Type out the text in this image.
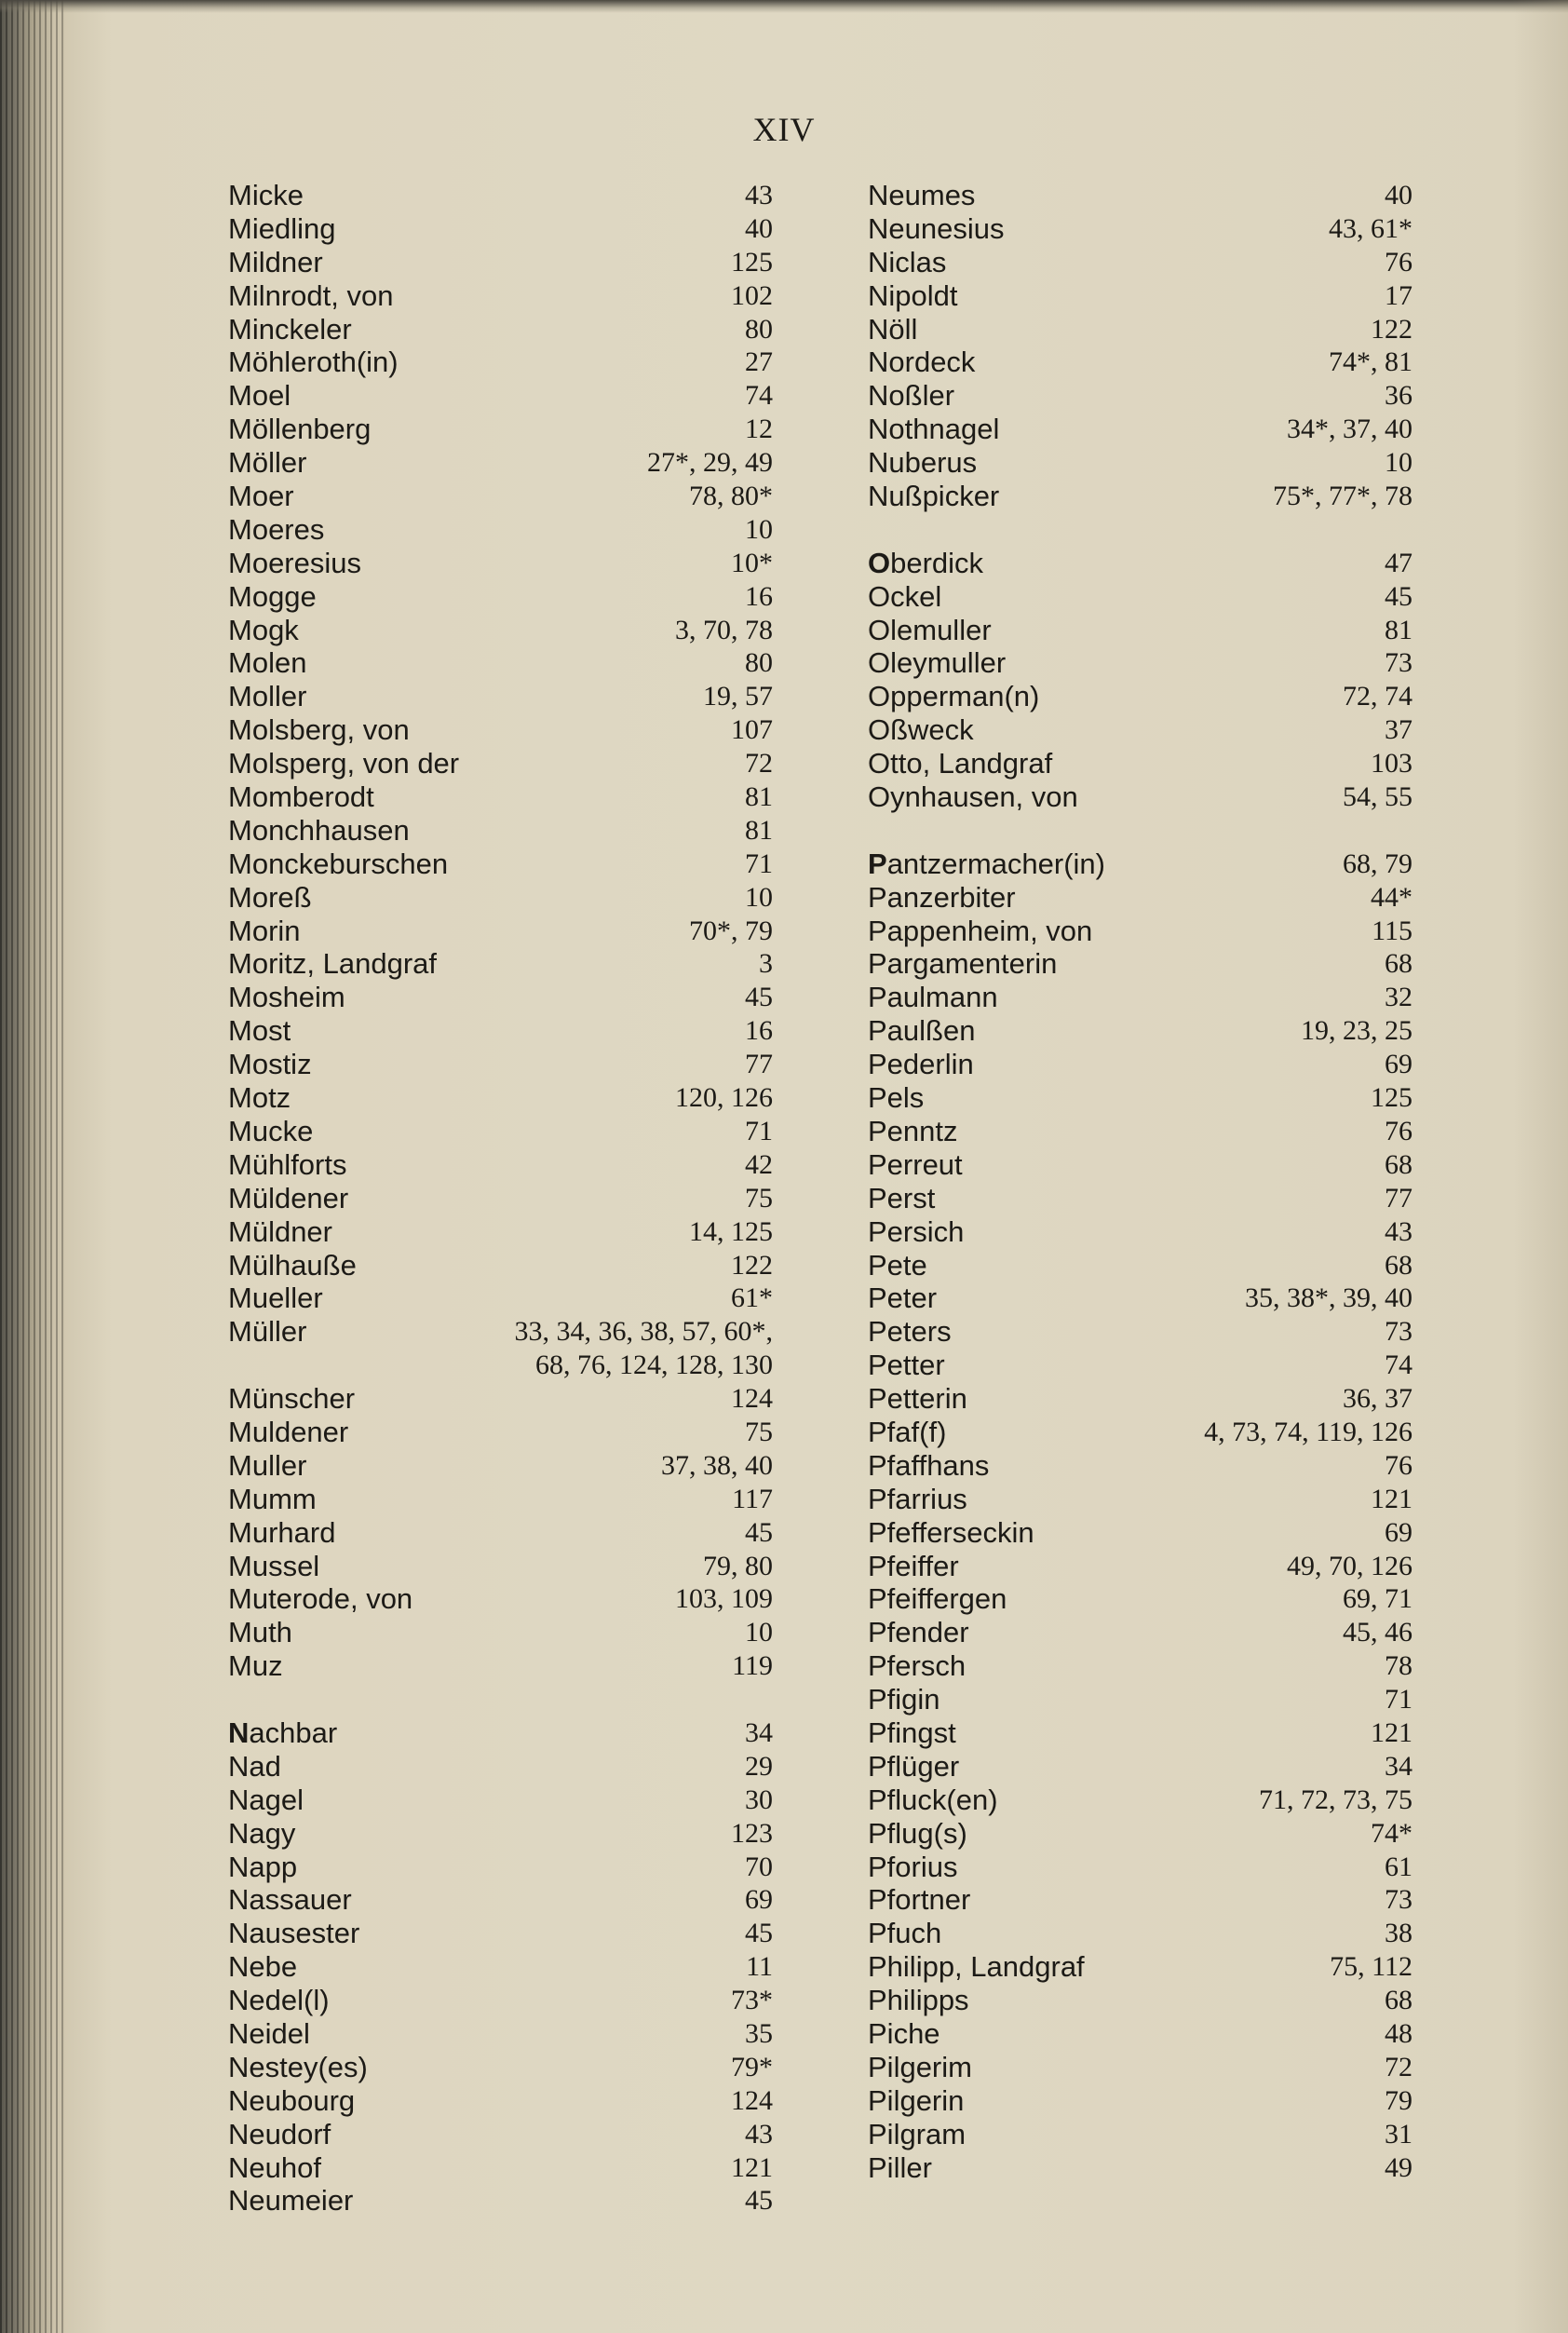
XIV
Micke	43
Miedling	40
Mildner	125
Milnrodt, von	102
Minckeler	80
Möhleroth(in)	27
Moel	74
Möllenberg	12
Möller	27*, 29, 49
Moer	78, 80*
Moeres	10
Moeresius	10*
Mogge	16
Mogk	3, 70, 78
Molen	80
Moller	19, 57
Molsberg, von	107
Molsperg, von der	72
Momberodt	81
Monchhausen	81
Monckeburschen	71
Moreß	10
Morin	70*, 79
Moritz, Landgraf	3
Mosheim	45
Most	16
Mostiz	77
Motz	120, 126
Mucke	71
Mühlforts	42
Müldener	75
Müldner	14, 125
Mülhauße	122
Mueller	61*
Müller	33, 34, 36, 38, 57, 60*,
68, 76, 124, 128, 130
Münscher	124
Muldener	75
Muller	37, 38, 40
Mumm	117
Murhard	45
Mussel	79, 80
Muterode, von	103, 109
Muth	10
Muz	119
Nachbar	34
Nad	29
Nagel	30
Nagy	123
Napp	70
Nassauer	69
Nausester	45
Nebe	11
Nedel(l)	73*
Neidel	35
Nestey(es)	79*
Neubourg	124
Neudorf	43
Neuhof	121
Neumeier	45
Neumes	40
Neunesius	43, 61*
Niclas	76
Nipoldt	17
Nöll	122
Nordeck	74*, 81
Noßler	36
Nothnagel	34*, 37, 40
Nuberus	10
Nußpicker	75*, 77*, 78
Oberdick	47
Ockel	45
Olemuller	81
Oleymuller	73
Opperman(n)	72, 74
Oßweck	37
Otto, Landgraf	103
Oynhausen, von	54, 55
Pantzermacher(in)	68, 79
Panzerbiter	44*
Pappenheim, von	115
Pargamenterin	68
Paulmann	32
Paulßen	19, 23, 25
Pederlin	69
Pels	125
Penntz	76
Perreut	68
Perst	77
Persich	43
Pete	68
Peter	35, 38*, 39, 40
Peters	73
Petter	74
Petterin	36, 37
Pfaf(f)	4, 73, 74, 119, 126
Pfaffhans	76
Pfarrius	121
Pfefferseckin	69
Pfeiffer	49, 70, 126
Pfeiffergen	69, 71
Pfender	45, 46
Pfersch	78
Pfigin	71
Pfingst	121
Pflüger	34
Pfluck(en)	71, 72, 73, 75
Pflug(s)	74*
Pforius	61
Pfortner	73
Pfuch	38
Philipp, Landgraf	75, 112
Philipps	68
Piche	48
Pilgerim	72
Pilgerin	79
Pilgram	31
Piller	49
